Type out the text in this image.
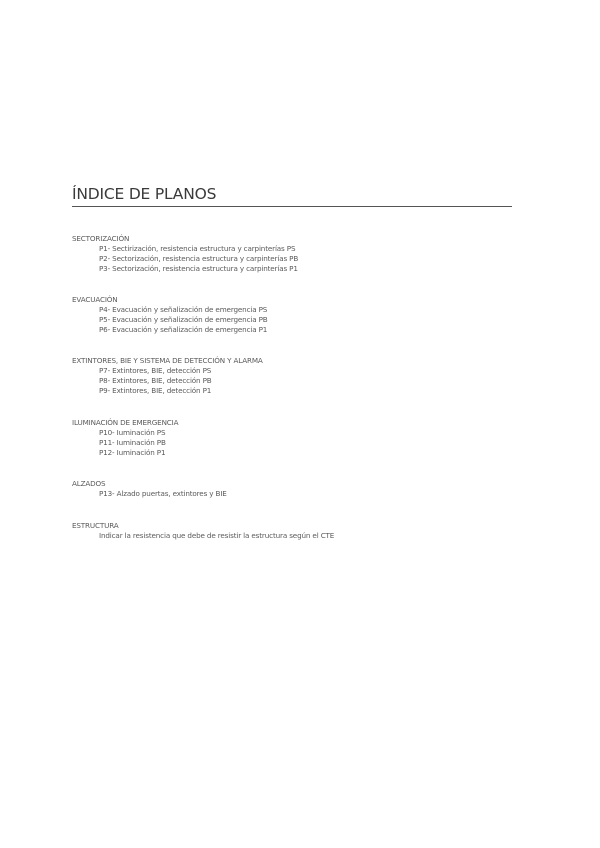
ÍNDICE DE PLANOS

SECTORIZACIÓN

P1- Sectirización, resistencia estructura y carpinterías PS
P2- Sectorización, resistencia estructura y carpinterías PB
P3- Sectorización, resistencia estructura y carpinterías P1

EVACUACIÓN

P4- Evacuación y señalización de emergencia PS
P5- Evacuación y señalización de emergencia PB
P6- Evacuación y señalización de emergencia P1

EXTINTORES, BIE Y SISTEMA DE DETECCIÓN Y ALARMA

P7- Extintores, BIE, detección PS
P8- Extintores, BIE, detección PB
P9- Extintores, BIE, detección P1

ILUMINACIÓN DE EMERGENCIA

P10- Iuminación PS
P11- Iuminación PB
P12- Iuminación P1

ALZADOS

P13- Alzado puertas, extintores y BIE

ESTRUCTURA

Indicar la resistencia que debe de resistir la estructura según el CTE
